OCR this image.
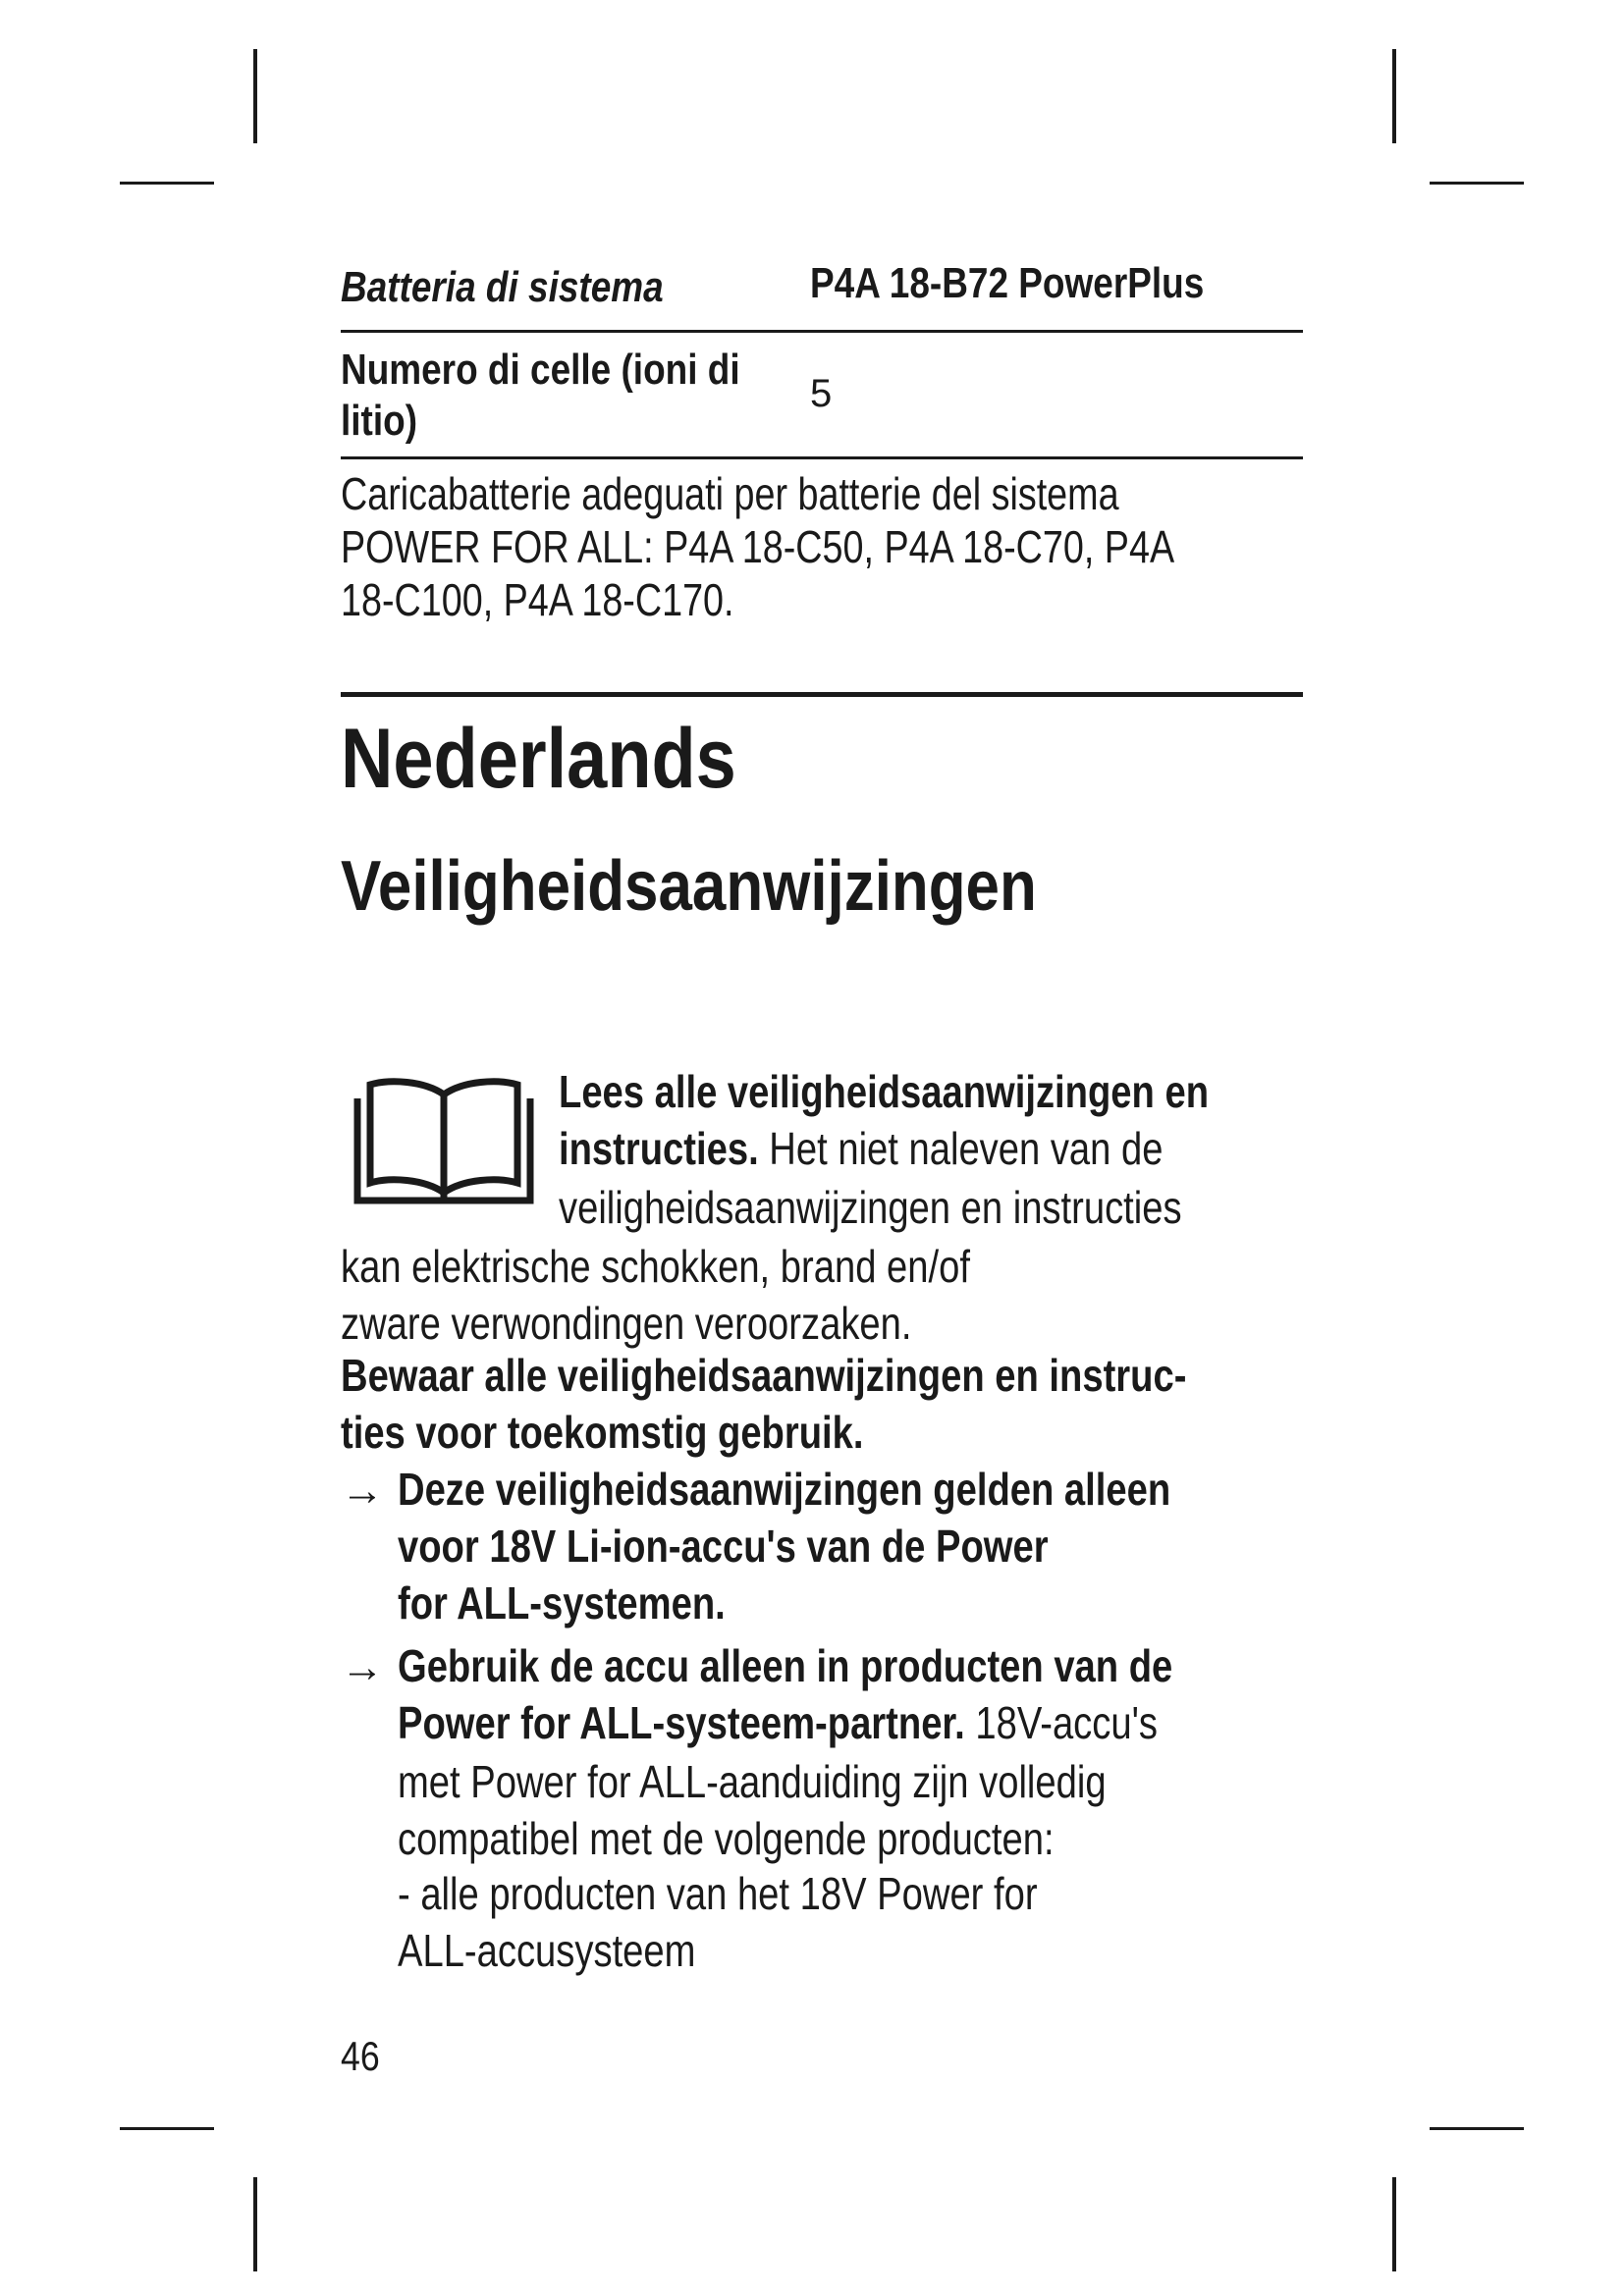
Batteria di sistema	P4A 18-B72 PowerPlus
Numero di celle (ioni di
litio)
5
Caricabatterie adeguati per batterie del sistema
POWER FOR ALL: P4A 18-C50, P4A 18-C70, P4A
18-C100, P4A 18-C170.
Nederlands
Veiligheidsaanwijzingen
Lees alle veiligheidsaanwijzingen en
instructies. Het niet naleven van de
veiligheidsaanwijzingen en instructies
kan elektrische schokken, brand en/of
zware verwondingen veroorzaken.
Bewaar alle veiligheidsaanwijzingen en instruc-
ties voor toekomstig gebruik.
→ Deze veiligheidsaanwijzingen gelden alleen
voor 18V Li-ion-accu's van de Power
for ALL-systemen.
→ Gebruik de accu alleen in producten van de
Power for ALL-systeem-partner. 18V-accu's
met Power for ALL-aanduiding zijn volledig
compatibel met de volgende producten:
- alle producten van het 18V Power for
ALL-accusysteem
46
